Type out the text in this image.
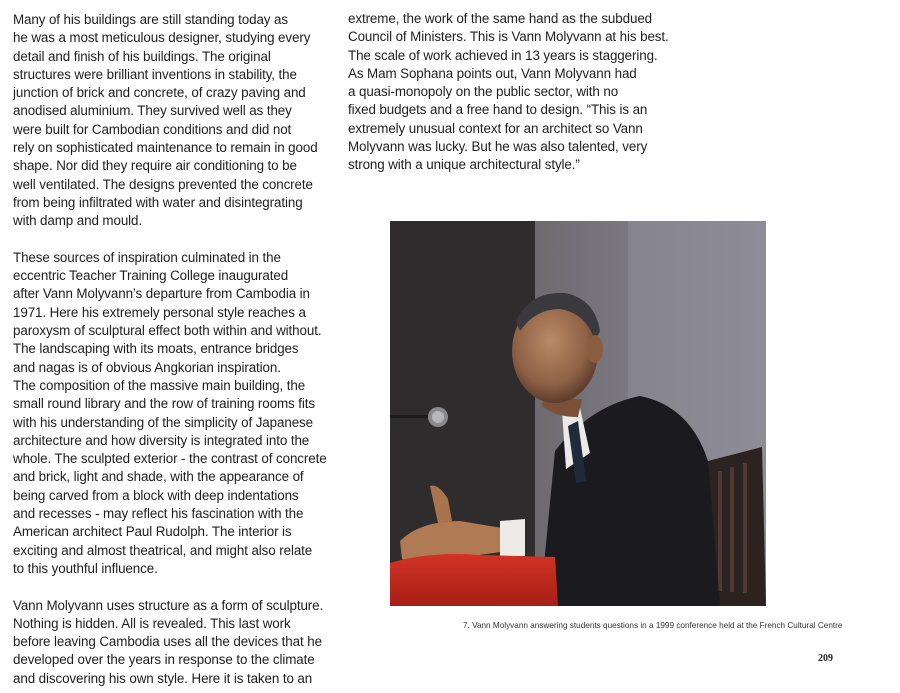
Many of his buildings are still standing today as
he was a most meticulous designer, studying every
detail and finish of his buildings. The original
structures were brilliant inventions in stability, the
junction of brick and concrete, of crazy paving and
anodised aluminium. They survived well as they
were built for Cambodian conditions and did not
rely on sophisticated maintenance to remain in good
shape. Nor did they require air conditioning to be
well ventilated. The designs prevented the concrete
from being infiltrated with water and disintegrating
with damp and mould.

These sources of inspiration culminated in the
eccentric Teacher Training College inaugurated
after Vann Molyvann’s departure from Cambodia in
1971. Here his extremely personal style reaches a
paroxysm of sculptural effect both within and without.
The landscaping with its moats, entrance bridges
and nagas is of obvious Angkorian inspiration.
The composition of the massive main building, the
small round library and the row of training rooms fits
with his understanding of the simplicity of Japanese
architecture and how diversity is integrated into the
whole. The sculpted exterior - the contrast of concrete
and brick, light and shade, with the appearance of
being carved from a block with deep indentations
and recesses - may reflect his fascination with the
American architect Paul Rudolph. The interior is
exciting and almost theatrical, and might also relate
to this youthful influence.

Vann Molyvann uses structure as a form of sculpture.
Nothing is hidden. All is revealed. This last work
before leaving Cambodia uses all the devices that he
developed over the years in response to the climate
and discovering his own style. Here it is taken to an

extreme, the work of the same hand as the subdued
Council of Ministers. This is Vann Molyvann at his best.
The scale of work achieved in 13 years is staggering.
As Mam Sophana points out, Vann Molyvann had
a quasi-monopoly on the public sector, with no
fixed budgets and a free hand to design. “This is an
extremely unusual context for an architect so Vann
Molyvann was lucky. But he was also talented, very
strong with a unique architectural style.”

7. Vann Molyvann answering students questions in a 1999 conference held at the French Cultural Centre
209
